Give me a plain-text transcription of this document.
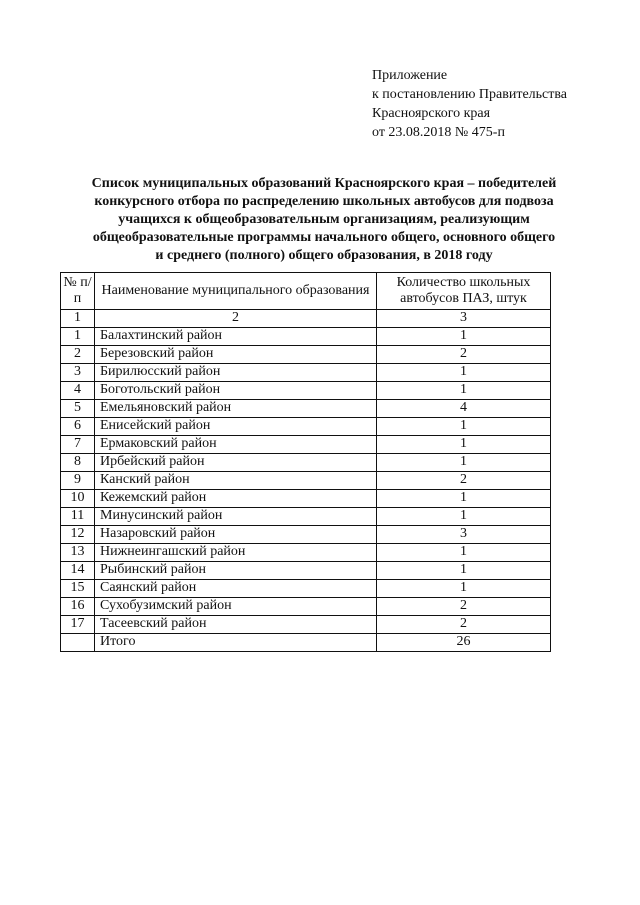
Приложение
к постановлению Правительства
Красноярского края
от 23.08.2018 № 475-п
Список муниципальных образований Красноярского края – победителей
конкурсного отбора по распределению школьных автобусов для подвоза
учащихся к общеобразовательным организациям, реализующим
общеобразовательные программы начального общего, основного общего
и среднего (полного) общего образования, в 2018 году
№ п/п	Наименование муниципального образования	Количество школьных автобусов ПАЗ, штук
1	2	3
1	Балахтинский район	1
2	Березовский район	2
3	Бирилюсский район	1
4	Боготольский район	1
5	Емельяновский район	4
6	Енисейский район	1
7	Ермаковский район	1
8	Ирбейский район	1
9	Канский район	2
10	Кежемский район	1
11	Минусинский район	1
12	Назаровский район	3
13	Нижнеингашский район	1
14	Рыбинский район	1
15	Саянский район	1
16	Сухобузимский район	2
17	Тасеевский район	2
	Итого	26
